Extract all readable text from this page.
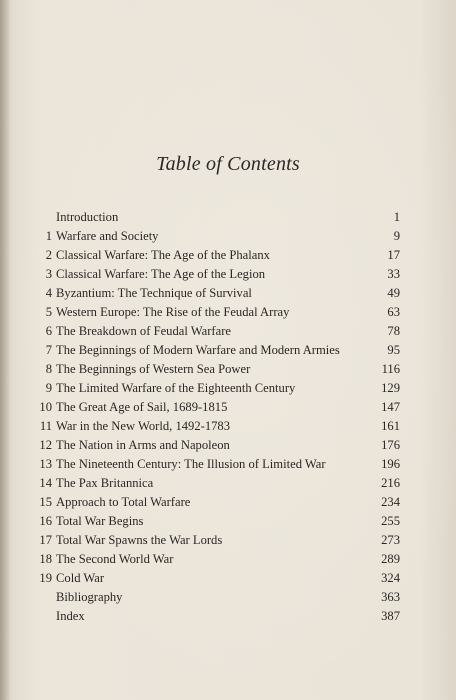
Table of Contents
Introduction	1
1 Warfare and Society	9
2 Classical Warfare: The Age of the Phalanx	17
3 Classical Warfare: The Age of the Legion	33
4 Byzantium: The Technique of Survival	49
5 Western Europe: The Rise of the Feudal Array	63
6 The Breakdown of Feudal Warfare	78
7 The Beginnings of Modern Warfare and Modern Armies	95
8 The Beginnings of Western Sea Power	116
9 The Limited Warfare of the Eighteenth Century	129
10 The Great Age of Sail, 1689-1815	147
11 War in the New World, 1492-1783	161
12 The Nation in Arms and Napoleon	176
13 The Nineteenth Century: The Illusion of Limited War	196
14 The Pax Britannica	216
15 Approach to Total Warfare	234
16 Total War Begins	255
17 Total War Spawns the War Lords	273
18 The Second World War	289
19 Cold War	324
Bibliography	363
Index	387
